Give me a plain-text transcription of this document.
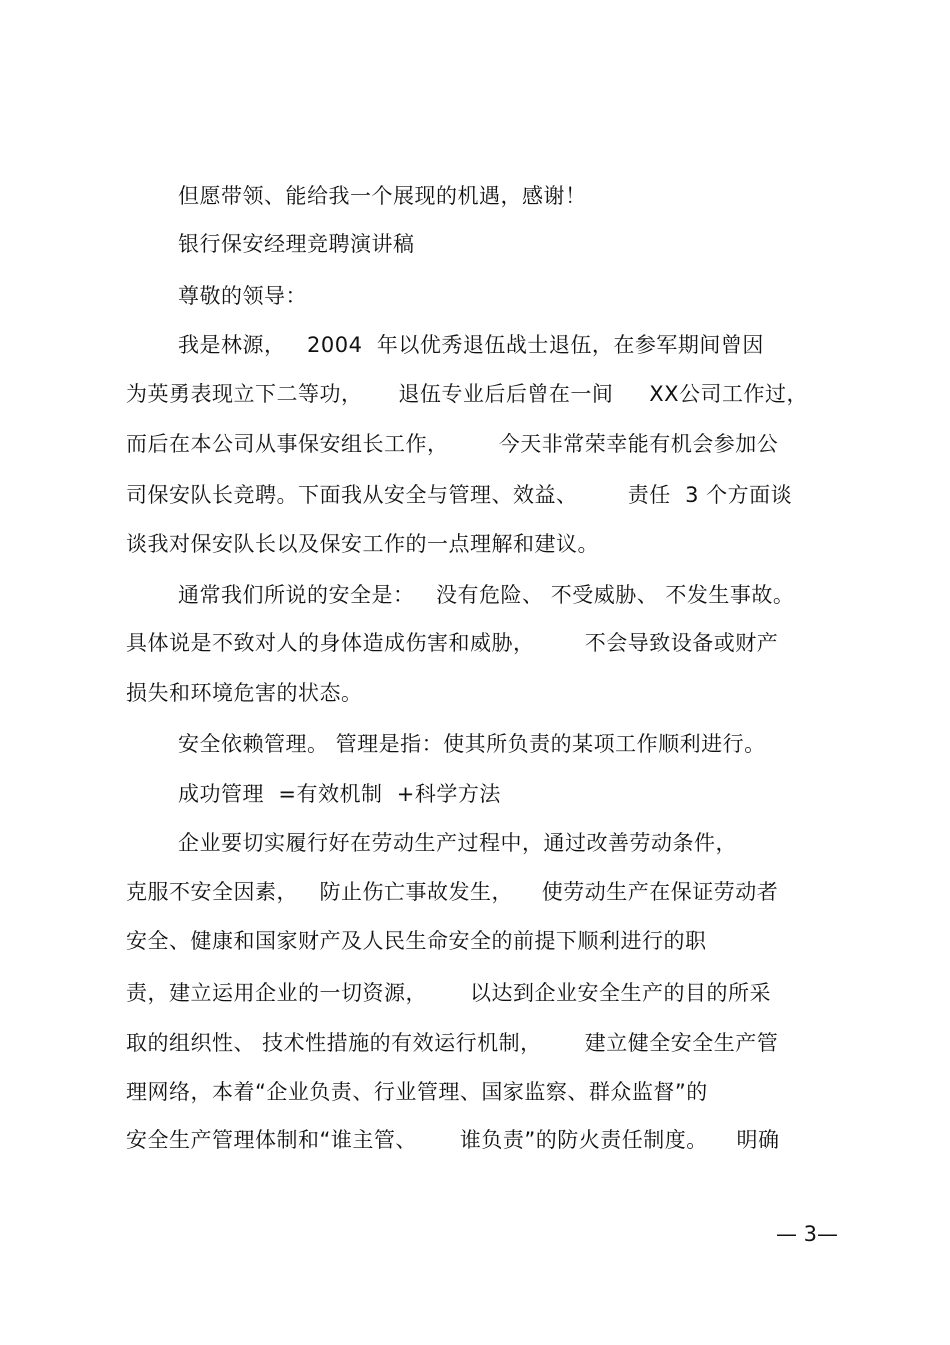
但愿带领、能给我一个展现的机遇，感谢！
银行保安经理竞聘演讲稿
尊敬的领导：
我是林源，   2004  年以优秀退伍战士退伍，在参军期间曾因
为英勇表现立下二等功，     退伍专业后后曾在一间     XX公司工作过，
而后在本公司从事保安组长工作，       今天非常荣幸能有机会参加公
司保安队长竞聘。下面我从安全与管理、效益、       责任  3 个方面谈
谈我对保安队长以及保安工作的一点理解和建议。
通常我们所说的安全是：   没有危险、 不受威胁、 不发生事故。
具体说是不致对人的身体造成伤害和威胁，       不会导致设备或财产
损失和环境危害的状态。
安全依赖管理。 管理是指：使其所负责的某项工作顺利进行。
成功管理  =有效机制  +科学方法
企业要切实履行好在劳动生产过程中，通过改善劳动条件，
克服不安全因素，   防止伤亡事故发生，    使劳动生产在保证劳动者
安全、健康和国家财产及人民生命安全的前提下顺利进行的职
责，建立运用企业的一切资源，      以达到企业安全生产的目的所采
取的组织性、 技术性措施的有效运行机制，      建立健全安全生产管
理网络，本着“企业负责、行业管理、国家监察、群众监督”的
安全生产管理体制和“谁主管、      谁负责”的防火责任制度。    明确
— 3—
